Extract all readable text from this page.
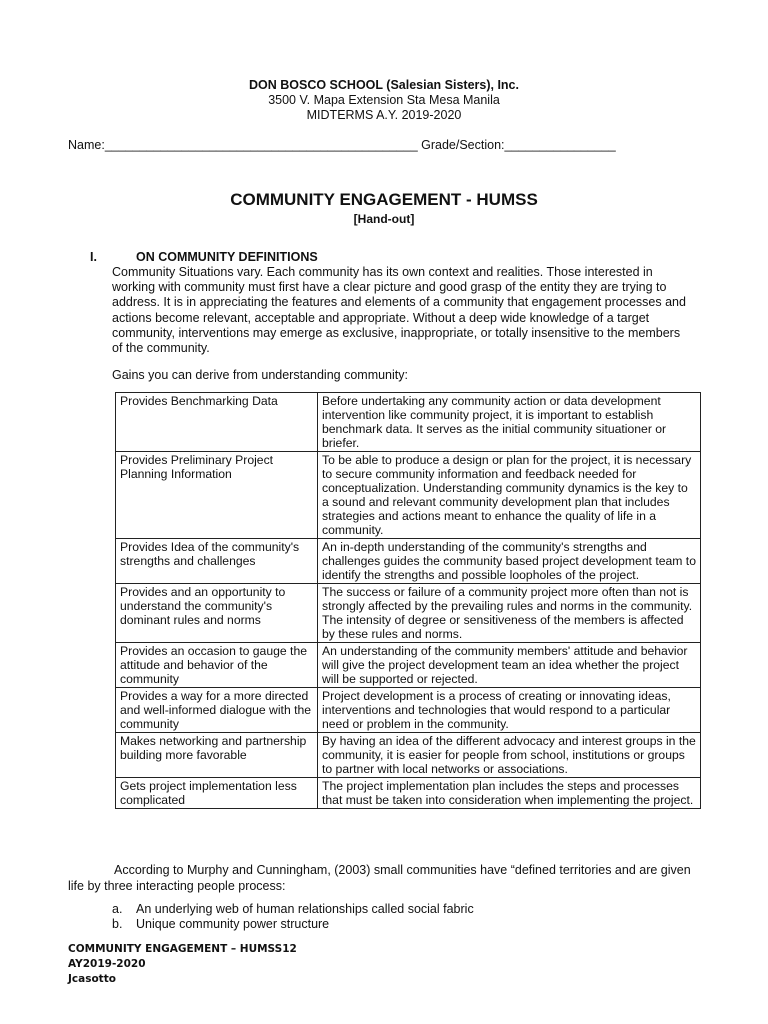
DON BOSCO SCHOOL (Salesian Sisters), Inc.
3500 V. Mapa Extension Sta Mesa Manila
MIDTERMS A.Y. 2019-2020
Name:_____________________________________________ Grade/Section:________________
COMMUNITY ENGAGEMENT - HUMSS
[Hand-out]
I.	ON COMMUNITY DEFINITIONS

Community Situations vary. Each community has its own context and realities. Those interested in working with community must first have a clear picture and good grasp of the entity they are trying to address. It is in appreciating the features and elements of a community that engagement processes and actions become relevant, acceptable and appropriate. Without a deep wide knowledge of a target community, interventions may emerge as exclusive, inappropriate, or totally insensitive to the members of the community.

Gains you can derive from understanding community:
Provides Benchmarking Data	Before undertaking any community action or data development intervention like community project, it is important to establish benchmark data. It serves as the initial community situationer or briefer.
Provides Preliminary Project Planning Information	To be able to produce a design or plan for the project, it is necessary to secure community information and feedback needed for conceptualization. Understanding community dynamics is the key to a sound and relevant community development plan that includes strategies and actions meant to enhance the quality of life in a community.
Provides Idea of the community's strengths and challenges	An in-depth understanding of the community's strengths and challenges guides the community based project development team to identify the strengths and possible loopholes of the project.
Provides and an opportunity to understand the community's dominant rules and norms	The success or failure of a community project more often than not is strongly affected by the prevailing rules and norms in the community. The intensity of degree or sensitiveness of the members is affected by these rules and norms.
Provides an occasion to gauge the attitude and behavior of the community	An understanding of the community members' attitude and behavior will give the project development team an idea whether the project will be supported or rejected.
Provides a way for a more directed and well-informed dialogue with the community	Project development is a process of creating or innovating ideas, interventions and technologies that would respond to a particular need or problem in the community.
Makes networking and partnership building more favorable	By having an idea of the different advocacy and interest groups in the community, it is easier for people from school, institutions or groups to partner with local networks or associations.
Gets project implementation less complicated	The project implementation plan includes the steps and processes that must be taken into consideration when implementing the project.
According to Murphy and Cunningham, (2003) small communities have “defined territories and are given life by three interacting people process:
a. An underlying web of human relationships called social fabric
b. Unique community power structure
COMMUNITY ENGAGEMENT – HUMSS12
AY2019-2020
Jcasotto
